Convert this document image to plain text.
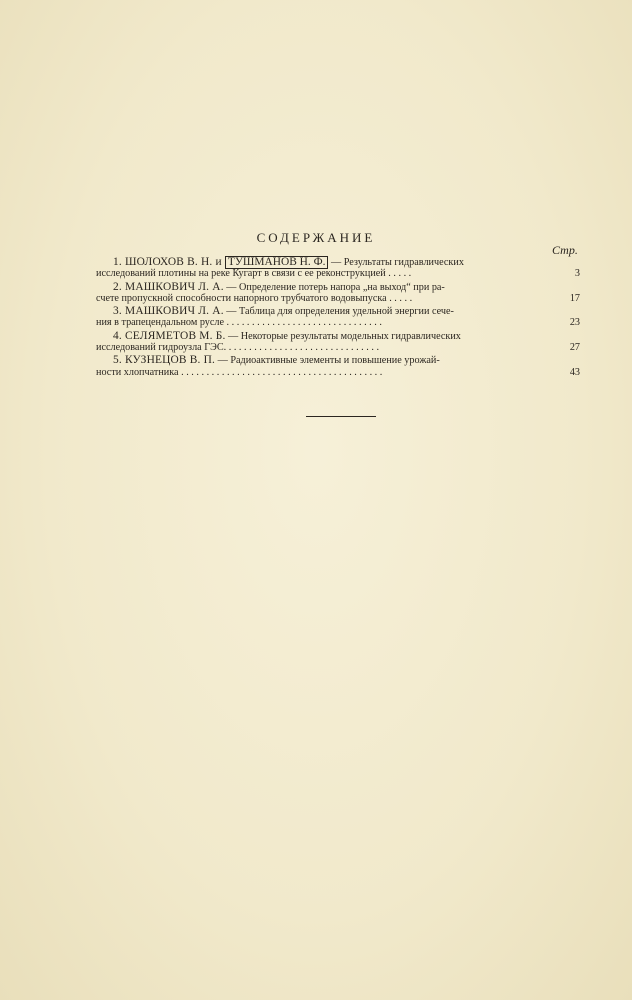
СОДЕРЖАНИЕ
Стр.
1. ШОЛОХОВ В. Н. и ТУШМАНОВ Н. Ф. — Результаты гидравлических
исследований плотины на реке Кугарт в связи с ее реконструкцией . . . . .	3
2. МАШКОВИЧ Л. А. — Определение потерь напора „на выход“ при ра-
счете пропускной способности напорного трубчатого водовыпуска . . . . .	17
3. МАШКОВИЧ Л. А. — Таблица для определения удельной энергии сече-
ния в трапецендальном русле . . . . . . . . . . . . . . . . . . . . . . . . . . . . . . .	23
4. СЕЛЯМЕТОВ М. Б. — Некоторые результаты модельных гидравлических
исследований гидроузла ГЭС. . . . . . . . . . . . . . . . . . . . . . . . . . . . . . .	27
5. КУЗНЕЦОВ В. П. — Радиоактивные элементы и повышение урожай-
ности хлопчатника . . . . . . . . . . . . . . . . . . . . . . . . . . . . . . . . . . . . . . . .	43
